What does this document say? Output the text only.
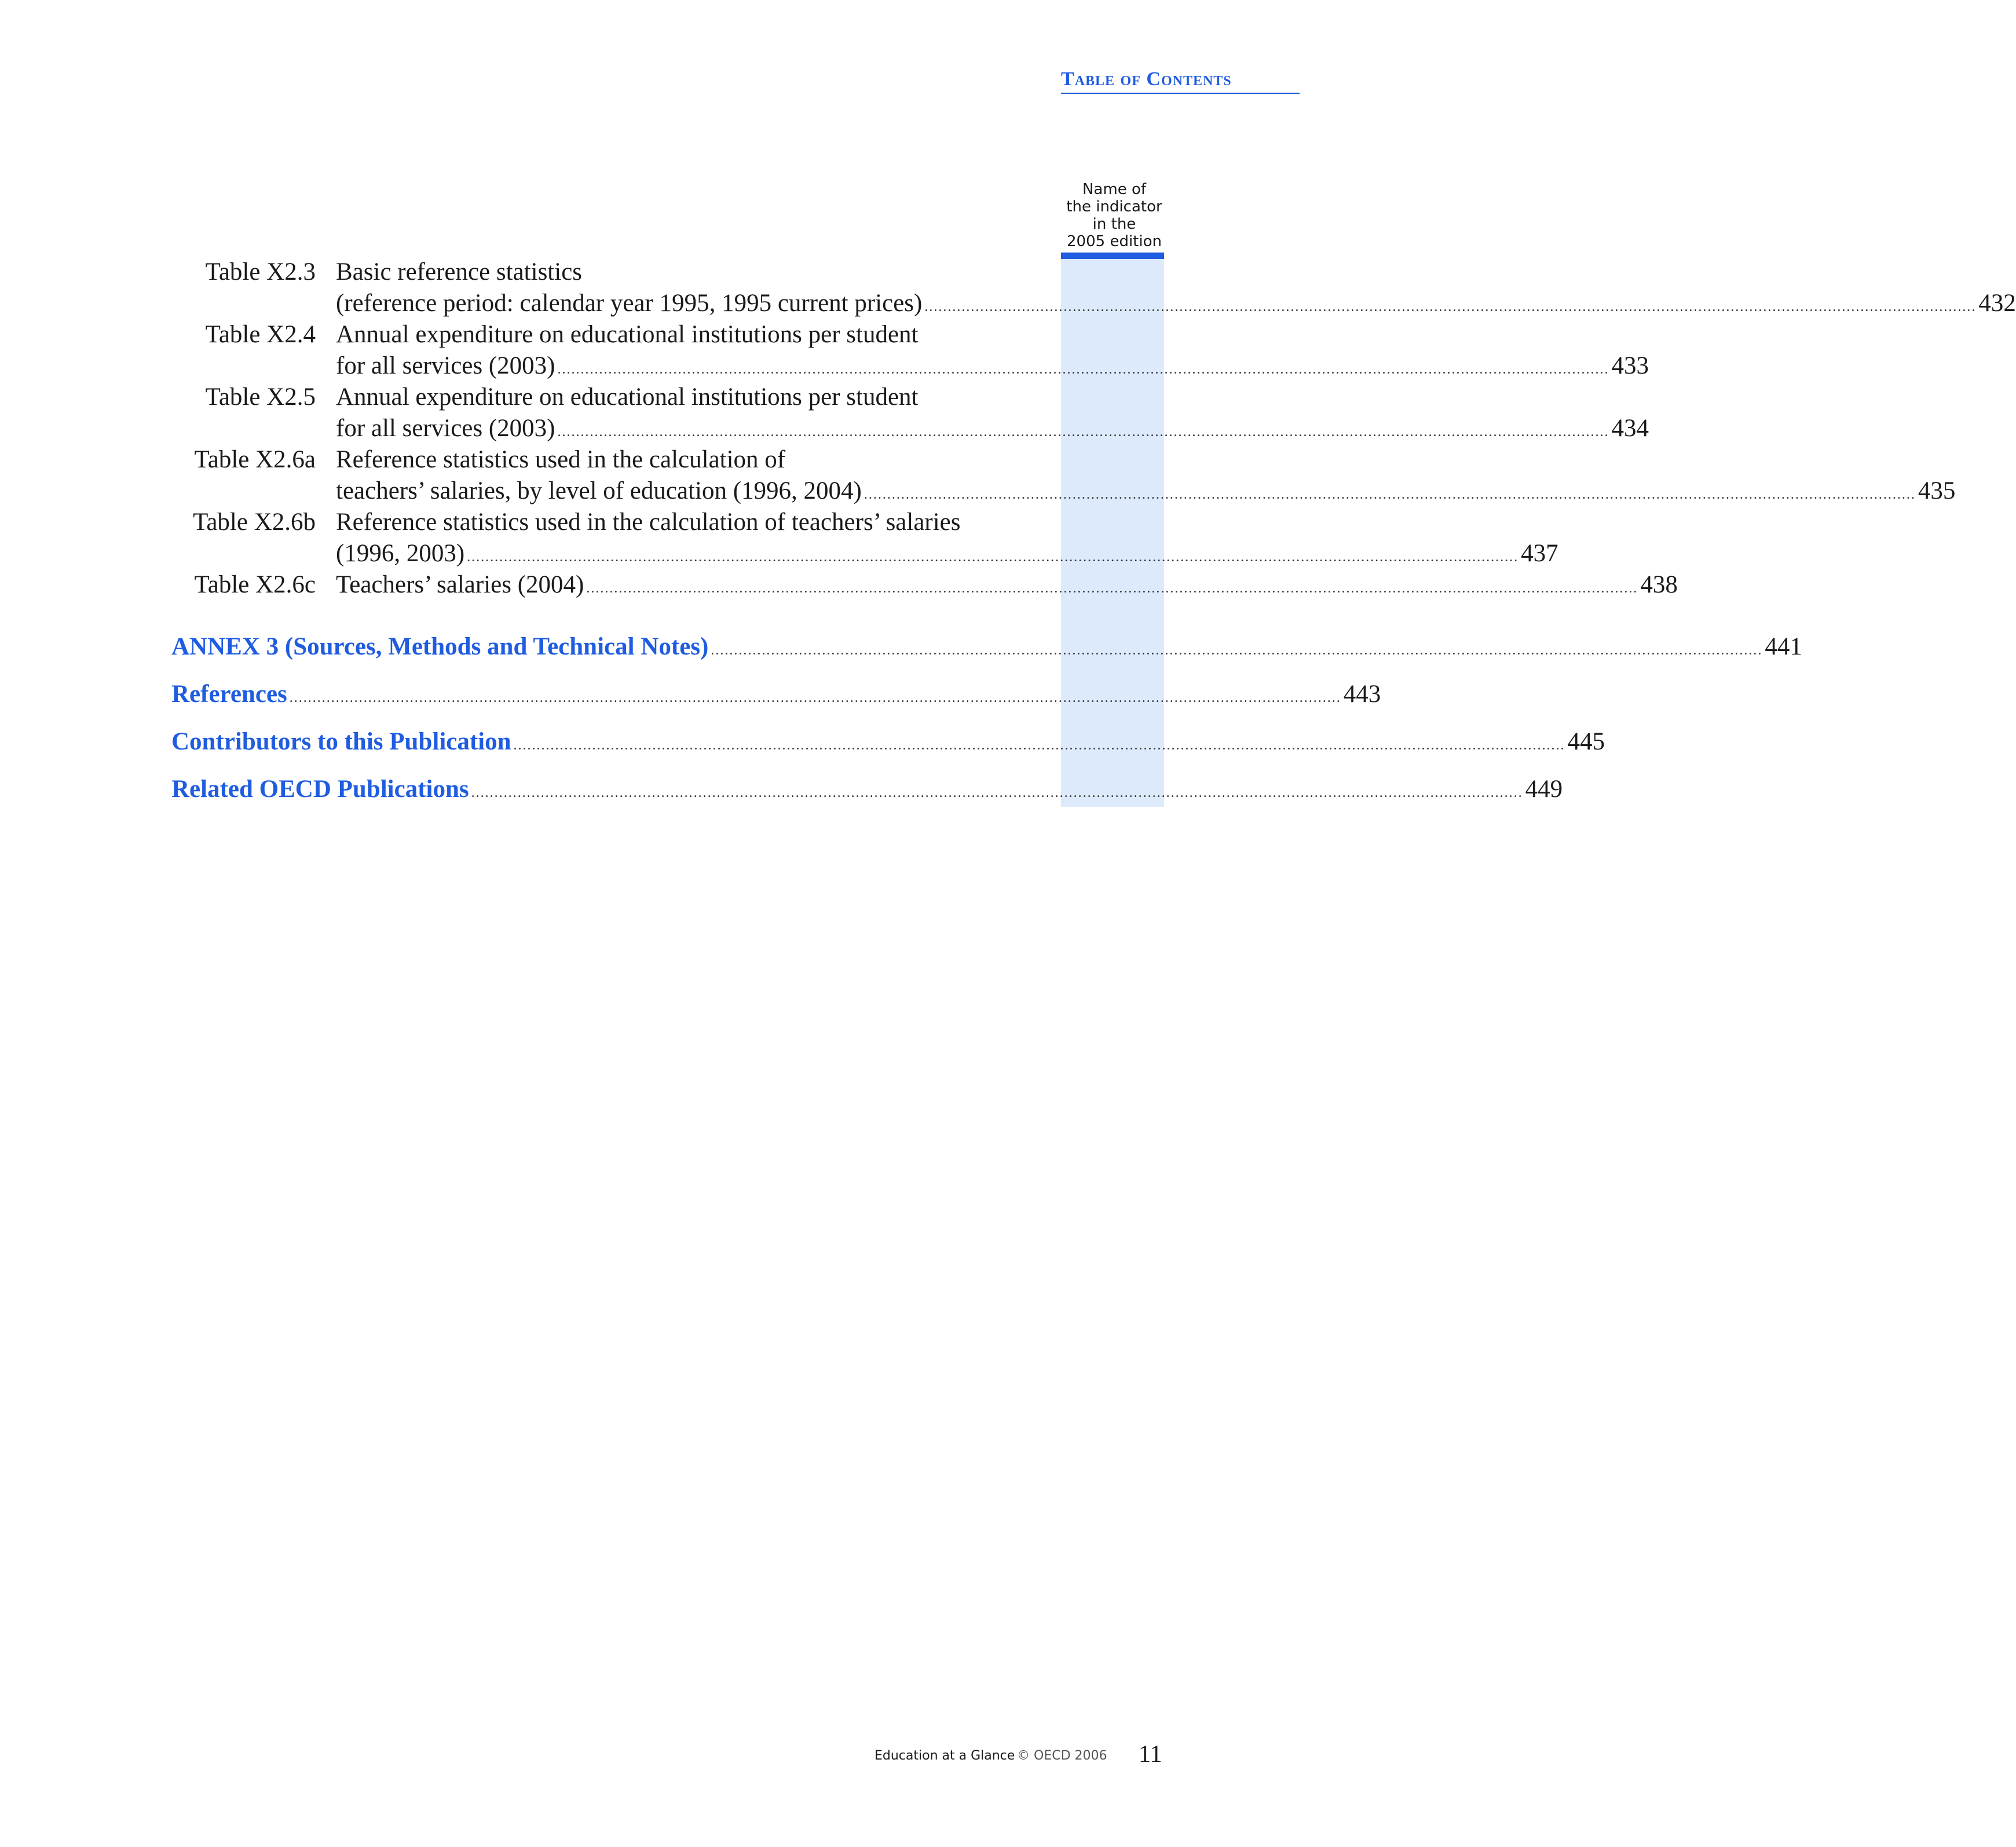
Table of Contents
Name of
the indicator
in the
2005 edition
Table X2.3 Basic reference statistics
(reference period: calendar year 1995, 1995 current prices) ................................................................................................................................................................................................................................... 432
Table X2.4 Annual expenditure on educational institutions per student
for all services (2003) ................................................................................................................................................................................................................................... 433
Table X2.5 Annual expenditure on educational institutions per student
for all services (2003) ................................................................................................................................................................................................................................... 434
Table X2.6a Reference statistics used in the calculation of
teachers’ salaries, by level of education (1996, 2004) ................................................................................................................................................................................................................................... 435
Table X2.6b Reference statistics used in the calculation of teachers’ salaries
(1996, 2003) ................................................................................................................................................................................................................................... 437
Table X2.6c Teachers’ salaries (2004) ................................................................................................................................................................................................................................... 438
ANNEX 3 (Sources, Methods and Technical Notes) ................................................................................................................................................................................................................................... 441
References ................................................................................................................................................................................................................................... 443
Contributors to this Publication ................................................................................................................................................................................................................................... 445
Related OECD Publications ................................................................................................................................................................................................................................... 449
Education at a Glance © OECD 2006 11
